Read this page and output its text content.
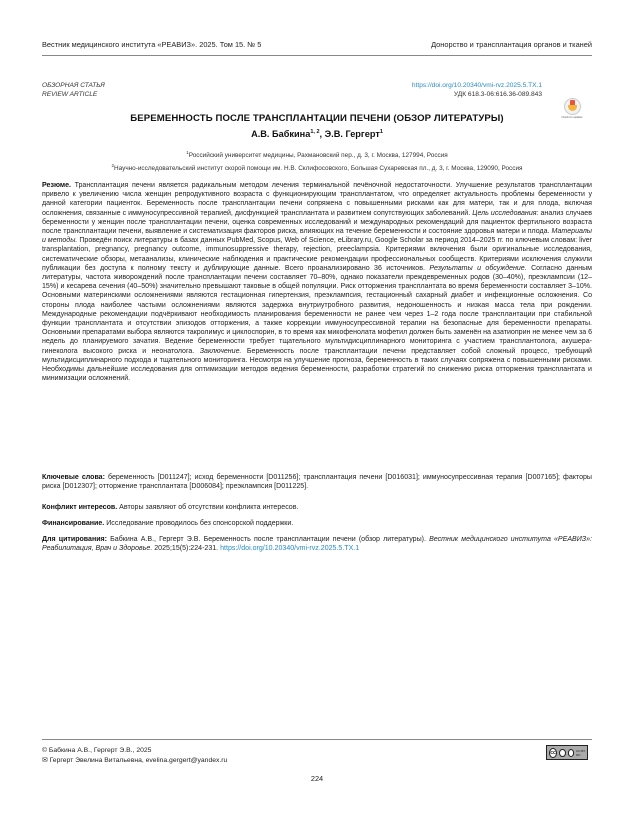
Вестник медицинского института «РЕАВИЗ». 2025. Том 15. № 5	Донорство и трансплантация органов и тканей
ОБЗОРНАЯ СТАТЬЯ
REVIEW ARTICLE
https://doi.org/10.20340/vmi-rvz.2025.5.TX.1
УДК 618.3-06:616.36-089.843
Check for updates
БЕРЕМЕННОСТЬ ПОСЛЕ ТРАНСПЛАНТАЦИИ ПЕЧЕНИ (ОБЗОР ЛИТЕРАТУРЫ)
А.В. Бабкина$^{1, 2}$, Э.В. Гергерт$^1$
$^1$Российский университет медицины, Рахмановский пер., д. 3, г. Москва, 127994, Россия
$^2$Научно-исследовательский институт скорой помощи им. Н.В. Склифосовского, Большая Сухаревская пл., д. 3, г. Москва, 129090, Россия
Резюме. Трансплантация печени является радикальным методом лечения терминальной печёночной недостаточности. Улучшение результатов трансплантации привело к увеличению числа женщин репродуктивного возраста с функционирующим трансплантатом, что определяет актуальность проблемы беременности у данной категории пациенток. Беременность после трансплантации печени сопряжена с повышенными рисками как для матери, так и для плода, включая осложнения, связанные с иммуносупрессивной терапией, дисфункцией трансплантата и развитием сопутствующих заболеваний. Цель исследования: анализ случаев беременности у женщин после трансплантации печени, оценка современных исследований и международных рекомендаций для пациенток фертильного возраста после трансплантации печени, выявление и систематизация факторов риска, влияющих на течение беременности и состояние здоровья матери и плода. Материалы и методы. Проведён поиск литературы в базах данных PubMed, Scopus, Web of Science, eLibrary.ru, Google Scholar за период 2014–2025 гг. по ключевым словам: liver transplantation, pregnancy, pregnancy outcome, immunosuppressive therapy, rejection, preeclampsia. Критериями включения были оригинальные исследования, систематические обзоры, метаанализы, клинические наблюдения и практические рекомендации профессиональных сообществ. Критериями исключения служили публикации без доступа к полному тексту и дублирующие данные. Всего проанализировано 36 источников. Результаты и обсуждение. Согласно данным литературы, частота живорождений после трансплантации печени составляет 70–80%, однако показатели преждевременных родов (30–40%), преэклампсии (12–15%) и кесарева сечения (40–50%) значительно превышают таковые в общей популяции. Риск отторжения трансплантата во время беременности составляет 3–10%. Основными материнскими осложнениями являются гестационная гипертензия, преэклампсия, гестационный сахарный диабет и инфекционные осложнения. Со стороны плода наиболее частыми осложнениями являются задержка внутриутробного развития, недоношенность и низкая масса тела при рождении. Международные рекомендации подчёркивают необходимость планирования беременности не ранее чем через 1–2 года после трансплантации при стабильной функции трансплантата и отсутствии эпизодов отторжения, а также коррекции иммуносупрессивной терапии на безопасные для беременности препараты. Основными препаратами выбора являются такролимус и циклоспорин, в то время как микофенолата мофетил должен быть заменён на азатиоприн не менее чем за 6 недель до планируемого зачатия. Ведение беременности требует тщательного мультидисциплинарного мониторинга с участием трансплантолога, акушера-гинеколога высокого риска и неонатолога. Заключение. Беременность после трансплантации печени представляет собой сложный процесс, требующий мультидисциплинарного подхода и тщательного мониторинга. Несмотря на улучшение прогноза, беременность в таких случаях сопряжена с повышенными рисками. Необходимы дальнейшие исследования для оптимизации методов ведения беременности, разработки стратегий по снижению риска отторжения трансплантата и минимизации осложнений.
Ключевые слова: беременность [D011247]; исход беременности [D011256]; трансплантация печени [D016031]; иммуносупрессивная терапия [D007165]; факторы риска [D012307]; отторжение трансплантата [D006084]; преэклампсия [D011225].
Конфликт интересов. Авторы заявляют об отсутствии конфликта интересов.
Финансирование. Исследование проводилось без спонсорской поддержки.
Для цитирования: Бабкина А.В., Гергерт Э.В. Беременность после трансплантации печени (обзор литературы). Вестник медицинского института «РЕАВИЗ»: Реабилитация, Врач и Здоровье. 2025;15(5):224-231. https://doi.org/10.20340/vmi-rvz.2025.5.TX.1
© Бабкина А.В., Гергерт Э.В., 2025
✉ Гергерт Эвелина Витальевна, evelina.gergert@yandex.ru
cc	CC BY NC
224
